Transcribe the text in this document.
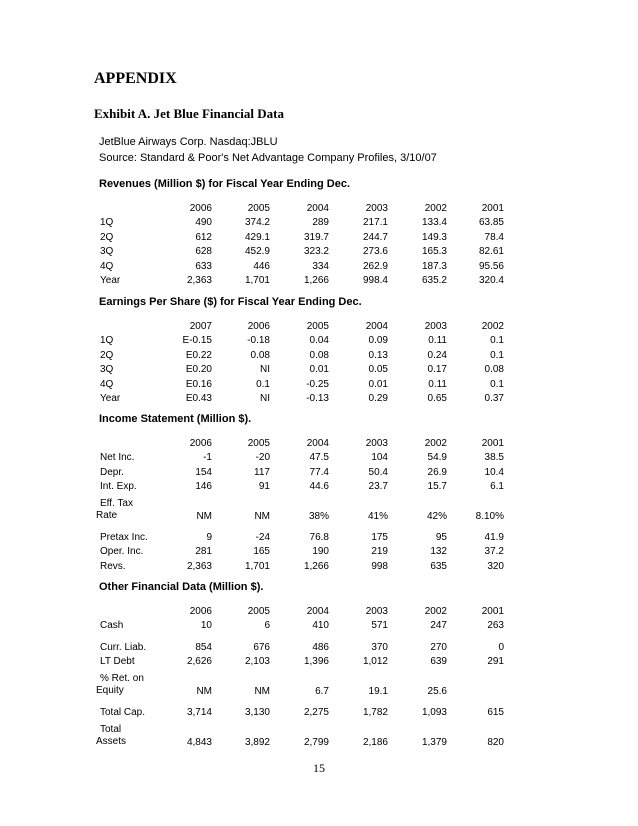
APPENDIX
Exhibit A. Jet Blue Financial Data
JetBlue Airways Corp. Nasdaq:JBLU
Source: Standard & Poor's Net Advantage Company Profiles, 3/10/07
Revenues (Million $) for Fiscal Year Ending Dec.
	2006	2005	2004	2003	2002	2001
1Q	490	374.2	289	217.1	133.4	63.85
2Q	612	429.1	319.7	244.7	149.3	78.4
3Q	628	452.9	323.2	273.6	165.3	82.61
4Q	633	446	334	262.9	187.3	95.56
Year	2,363	1,701	1,266	998.4	635.2	320.4
Earnings Per Share ($) for Fiscal Year Ending Dec.
	2007	2006	2005	2004	2003	2002
1Q	E-0.15	-0.18	0.04	0.09	0.11	0.1
2Q	E0.22	0.08	0.08	0.13	0.24	0.1
3Q	E0.20	NI	0.01	0.05	0.17	0.08
4Q	E0.16	0.1	-0.25	0.01	0.11	0.1
Year	E0.43	NI	-0.13	0.29	0.65	0.37
Income Statement (Million $).
	2006	2005	2004	2003	2002	2001
Net Inc.	-1	-20	47.5	104	54.9	38.5
Depr.	154	117	77.4	50.4	26.9	10.4
Int. Exp.	146	91	44.6	23.7	15.7	6.1

Eff. Tax
Rate	NM	NM	38%	41%	42%	8.10%

Pretax Inc.	9	-24	76.8	175	95	41.9
Oper. Inc.	281	165	190	219	132	37.2
Revs.	2,363	1,701	1,266	998	635	320
Other Financial Data (Million $).
	2006	2005	2004	2003	2002	2001
Cash	10	6	410	571	247	263

Curr. Liab.	854	676	486	370	270	0
LT Debt	2,626	2,103	1,396	1,012	639	291

% Ret. on
Equity	NM	NM	6.7	19.1	25.6	

Total Cap.	3,714	3,130	2,275	1,782	1,093	615

Total
Assets	4,843	3,892	2,799	2,186	1,379	820
15
